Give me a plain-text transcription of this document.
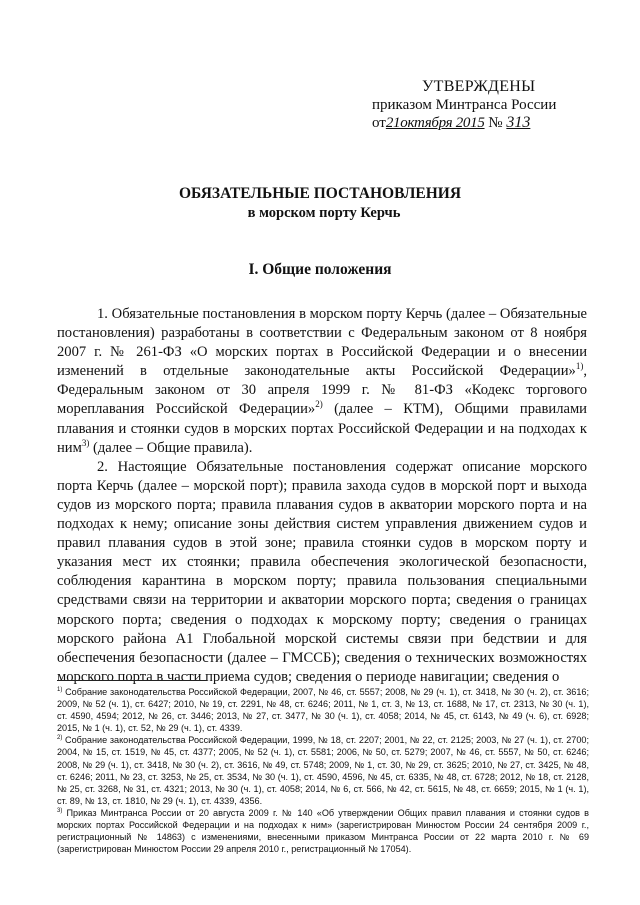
УТВЕРЖДЕНЫ
приказом Минтранса России
от21октября 2015 № 313
ОБЯЗАТЕЛЬНЫЕ ПОСТАНОВЛЕНИЯ
в морском порту Керчь
I. Общие положения

1. Обязательные постановления в морском порту Керчь (далее – Обязательные постановления) разработаны в соответствии с Федеральным законом от 8 ноября 2007 г. № 261-ФЗ «О морских портах в Российской Федерации и о внесении изменений в отдельные законодательные акты Российской Федерации»$^{1)}$, Федеральным законом от 30 апреля 1999 г. № 81-ФЗ «Кодекс торгового мореплавания Российской Федерации»$^{2)}$ (далее – КТМ), Общими правилами плавания и стоянки судов в морских портах Российской Федерации и на подходах к ним$^{3)}$ (далее – Общие правила).

2. Настоящие Обязательные постановления содержат описание морского порта Керчь (далее – морской порт); правила захода судов в морской порт и выхода судов из морского порта; правила плавания судов в акватории морского порта и на подходах к нему; описание зоны действия систем управления движением судов и правил плавания судов в этой зоне; правила стоянки судов в морском порту и указания мест их стоянки; правила обеспечения экологической безопасности, соблюдения карантина в морском порту; правила пользования специальными средствами связи на территории и акватории морского порта; сведения о границах морского порта; сведения о подходах к морскому порту; сведения о границах морского района А1 Глобальной морской системы связи при бедствии и для обеспечения безопасности (далее – ГМССБ); сведения о технических возможностях морского порта в части приема судов; сведения о периоде навигации; сведения о

$^{1)}$ Собрание законодательства Российской Федерации, 2007, № 46, ст. 5557; 2008, № 29 (ч. 1), ст. 3418, № 30 (ч. 2), ст. 3616; 2009, № 52 (ч. 1), ст. 6427; 2010, № 19, ст. 2291, № 48, ст. 6246; 2011, № 1, ст. 3, № 13, ст. 1688, № 17, ст. 2313, № 30 (ч. 1), ст. 4590, 4594; 2012, № 26, ст. 3446; 2013, № 27, ст. 3477, № 30 (ч. 1), ст. 4058; 2014, № 45, ст. 6143, № 49 (ч. 6), ст. 6928; 2015, № 1 (ч. 1), ст. 52, № 29 (ч. 1), ст. 4339.

$^{2)}$ Собрание законодательства Российской Федерации, 1999, № 18, ст. 2207; 2001, № 22, ст. 2125; 2003, № 27 (ч. 1), ст. 2700; 2004, № 15, ст. 1519, № 45, ст. 4377; 2005, № 52 (ч. 1), ст. 5581; 2006, № 50, ст. 5279; 2007, № 46, ст. 5557, № 50, ст. 6246; 2008, № 29 (ч. 1), ст. 3418, № 30 (ч. 2), ст. 3616, № 49, ст. 5748; 2009, № 1, ст. 30, № 29, ст. 3625; 2010, № 27, ст. 3425, № 48, ст. 6246; 2011, № 23, ст. 3253, № 25, ст. 3534, № 30 (ч. 1), ст. 4590, 4596, № 45, ст. 6335, № 48, ст. 6728; 2012, № 18, ст. 2128, № 25, ст. 3268, № 31, ст. 4321; 2013, № 30 (ч. 1), ст. 4058; 2014, № 6, ст. 566, № 42, ст. 5615, № 48, ст. 6659; 2015, № 1 (ч. 1), ст. 89, № 13, ст. 1810, № 29 (ч. 1), ст. 4339, 4356.

$^{3)}$ Приказ Минтранса России от 20 августа 2009 г. № 140 «Об утверждении Общих правил плавания и стоянки судов в морских портах Российской Федерации и на подходах к ним» (зарегистрирован Минюстом России 24 сентября 2009 г., регистрационный № 14863) с изменениями, внесенными приказом Минтранса России от 22 марта 2010 г. № 69 (зарегистрирован Минюстом России 29 апреля 2010 г., регистрационный № 17054).
